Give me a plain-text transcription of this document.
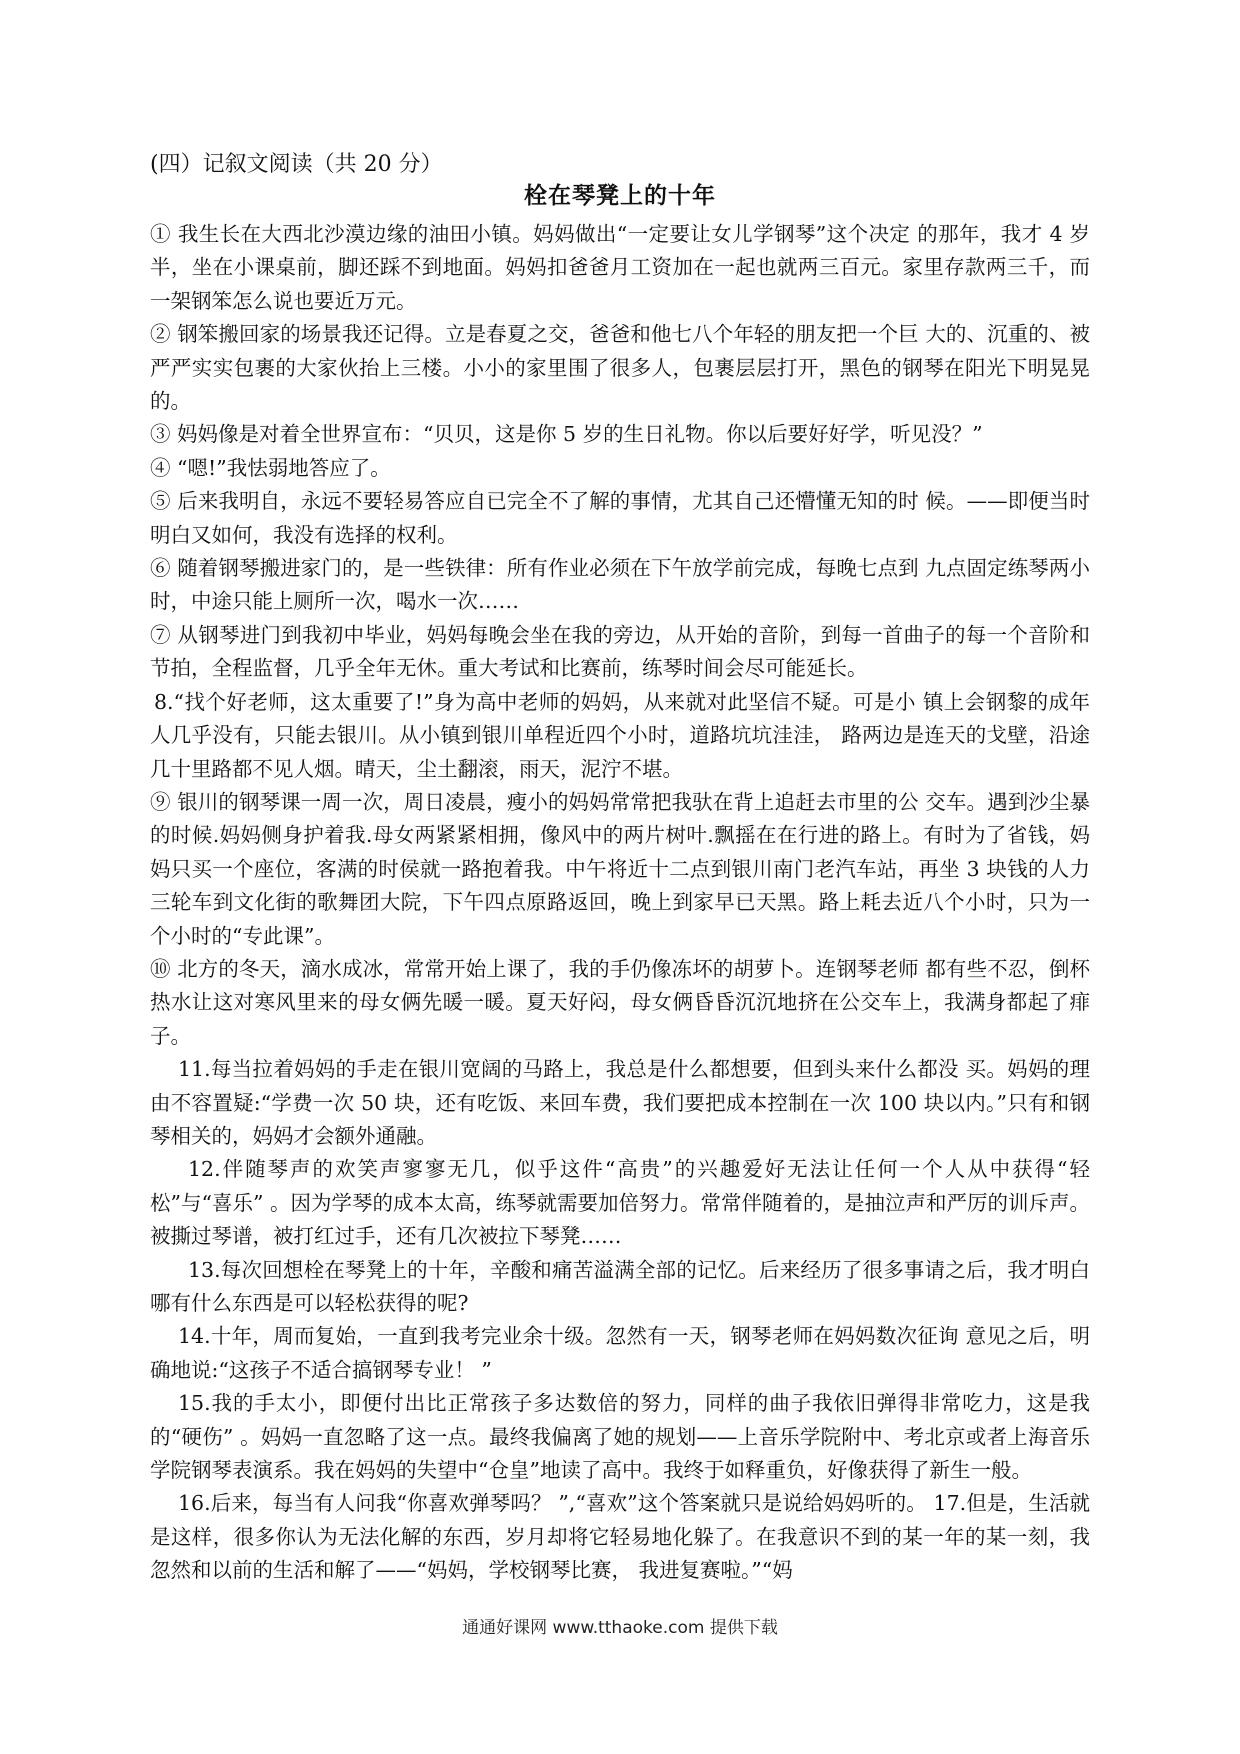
(四）记叙文阅读（共 20 分）
栓在琴凳上的十年

① 我生长在大西北沙漠边缘的油田小镇。妈妈做出“一定要让女儿学钢琴”这个决定 的那年，我才 4 岁半，坐在小课桌前，脚还踩不到地面。妈妈扣爸爸月工资加在一起也就两三百元。家里存款两三千，而一架钢笨怎么说也要近万元。

② 钢笨搬回家的场景我还记得。立是春夏之交，爸爸和他七八个年轻的朋友把一个巨 大的、沉重的、被严严实实包裹的大家伙抬上三楼。小小的家里围了很多人，包裹层层打开，黑色的钢琴在阳光下明晃晃的。

③ 妈妈像是对着全世界宣布：“贝贝，这是你 5 岁的生日礼物。你以后要好好学，听见没？”

④ “嗯!”我怯弱地答应了。

⑤ 后来我明自，永远不要轻易答应自已完全不了解的事情，尤其自己还懵懂无知的时 候。——即便当时明白又如何，我没有选择的权利。

⑥ 随着钢琴搬进家门的，是一些铁律：所有作业必须在下午放学前完成，每晚七点到 九点固定练琴两小时，中途只能上厕所一次，喝水一次……

⑦ 从钢琴进门到我初中毕业，妈妈每晚会坐在我的旁边，从开始的音阶，到每一首曲子的每一个音阶和节拍，全程监督，几乎全年无休。重大考试和比赛前，练琴时间会尽可能延长。

8.“找个好老师，这太重要了!”身为高中老师的妈妈，从来就对此坚信不疑。可是小 镇上会钢黎的成年人几乎没有，只能去银川。从小镇到银川单程近四个小时，道路坑坑洼洼， 路两边是连天的戈壁，沿途几十里路都不见人烟。晴天，尘土翻滚，雨天，泥泞不堪。

⑨ 银川的钢琴课一周一次，周日凌晨，瘦小的妈妈常常把我驮在背上追赶去市里的公 交车。遇到沙尘暴的时候.妈妈侧身护着我.母女两紧紧相拥，像风中的两片树叶.飘摇在在行进的路上。有时为了省钱，妈妈只买一个座位，客满的时侯就一路抱着我。中午将近十二点到银川南门老汽车站，再坐 3 块钱的人力三轮车到文化街的歌舞团大院，下午四点原路返回，晚上到家早已天黑。路上耗去近八个小时，只为一个小时的“专此课”。

⑩ 北方的冬天，滴水成冰，常常开始上课了，我的手仍像冻坏的胡萝卜。连钢琴老师 都有些不忍，倒杯热水让这对寒风里来的母女俩先暖一暖。夏天好闷，母女俩昏昏沉沉地挤在公交车上，我满身都起了痱子。

11.每当拉着妈妈的手走在银川宽阔的马路上，我总是什么都想要，但到头来什么都没 买。妈妈的理由不容置疑:“学费一次 50 块，还有吃饭、来回车费，我们要把成本控制在一次 100 块以内。”只有和钢琴相关的，妈妈才会额外通融。

12.伴随琴声的欢笑声寥寥无几，似乎这件“高贵”的兴趣爱好无法让任何一个人从中获得“轻松”与“喜乐” 。因为学琴的成本太高，练琴就需要加倍努力。常常伴随着的，是抽泣声和严厉的训斥声。被撕过琴谱，被打红过手，还有几次被拉下琴凳……

13.每次回想栓在琴凳上的十年，辛酸和痛苦溢满全部的记忆。后来经历了很多事请之后，我才明白哪有什么东西是可以轻松获得的呢?

14.十年，周而复始，一直到我考完业余十级。忽然有一天，钢琴老师在妈妈数次征询 意见之后，明确地说:“这孩子不适合搞钢琴专业！ ”

15.我的手太小，即便付出比正常孩子多达数倍的努力，同样的曲子我依旧弹得非常吃力，这是我的“硬伤” 。妈妈一直忽略了这一点。最终我偏离了她的规划——上音乐学院附中、考北京或者上海音乐学院钢琴表演系。我在妈妈的失望中“仓皇”地读了高中。我终于如释重负，好像获得了新生一般。

16.后来，每当有人问我“你喜欢弹琴吗？ ”,“喜欢”这个答案就只是说给妈妈听的。 17.但是，生活就是这样，很多你认为无法化解的东西，岁月却将它轻易地化躲了。在我意识不到的某一年的某一刻，我忽然和以前的生活和解了——“妈妈，学校钢琴比赛， 我进复赛啦。”“妈

通通好课网 www.tthaoke.com 提供下载
